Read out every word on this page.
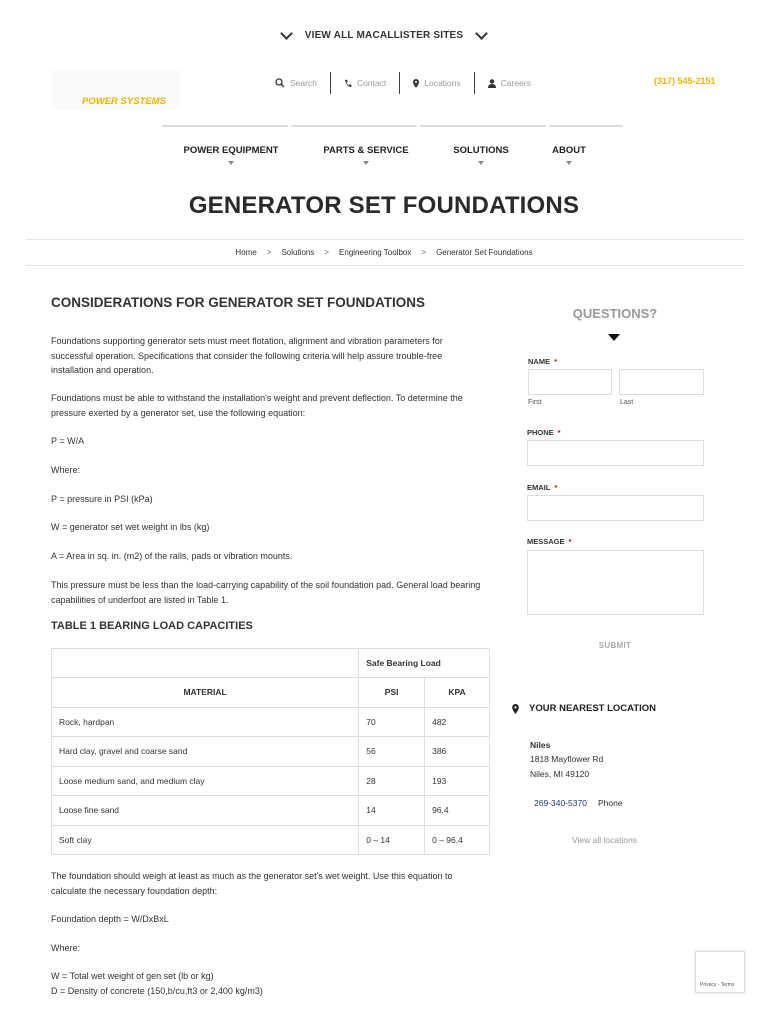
VIEW ALL MACALLISTER SITES
POWER SYSTEMS
Search	Contact	Locations	Careers	(317) 545-2151
POWER EQUIPMENT	PARTS & SERVICE	SOLUTIONS	ABOUT
GENERATOR SET FOUNDATIONS
Home > Solutions > Engineering Toolbox > Generator Set Foundations
CONSIDERATIONS FOR GENERATOR SET FOUNDATIONS
Foundations supporting generator sets must meet flotation, alignment and vibration parameters for successful operation. Specifications that consider the following criteria will help assure trouble-free installation and operation.
Foundations must be able to withstand the installation's weight and prevent deflection. To determine the pressure exerted by a generator set, use the following equation:
P = W/A
Where:
P = pressure in PSI (kPa)
W = generator set wet weight in lbs (kg)
A = Area in sq. in. (m2) of the rails, pads or vibration mounts.
This pressure must be less than the load-carrying capability of the soil foundation pad. General load bearing capabilities of underfoot are listed in Table 1.
TABLE 1 BEARING LOAD CAPACITIES
	Safe Bearing Load	
MATERIAL	PSI	KPA
Rock, hardpan	70	482
Hard clay, gravel and coarse sand	56	386
Loose medium sand, and medium clay	28	193
Loose fine sand	14	96.4
Soft clay	0 – 14	0 – 96.4
The foundation should weigh at least as much as the generator set's wet weight. Use this equation to calculate the necessary foundation depth:
Foundation depth = W/DxBxL
Where:
W = Total wet weight of gen set (lb or kg)
D = Density of concrete (150,b/cu,ft3 or 2,400 kg/m3)
QUESTIONS?
NAME *
First	Last
PHONE *
EMAIL *
MESSAGE *
SUBMIT
YOUR NEAREST LOCATION
Niles
1818 Mayflower Rd
Niles, MI 49120
269-340-5370 Phone
View all locations
Privacy - Terms
